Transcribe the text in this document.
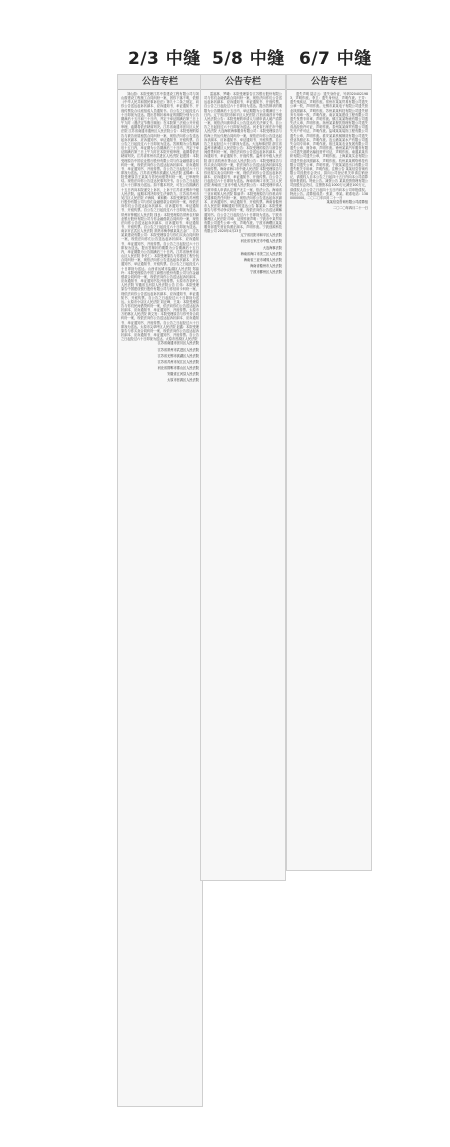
2/3 中缝 5/8 中缝 6/7 中缝
公告专栏
刘山蔚：本院受理江苏中泰建设工程有限公司与刘山蔚建设工程施工合同纠纷一案，因你下落不明，依照《中华人民共和国民事诉讼法》第九十二条之规定，向你公告送达起诉状副本、应诉通知书、举证通知书、开庭传票及合议庭组成人员通知书。自公告之日起经过六十日即视为送达。提出答辩状和举证的期限分别为公告期满后十五日和三十日内，并定于举证期满后第三日上午九时（遇法定节假日顺延）在本院第三法庭公开开庭审理，逾期将依法缺席判决。江苏省南通市崇川区人民法院 江苏省南通市通州区人民法院公告：本院受理的原告与被告房屋租赁合同纠纷一案，现依法向你公告送达起诉状副本、应诉通知书、举证通知书、开庭传票。自公告之日起经过六十日即视为送达。答辩期为公告期满后十五日内，举证期为公告期满后三十日内，并定于举证期满后第三日上午九时在本院开庭审理，逾期将依法缺席判决。江苏省常州市武进区人民法院 赵建国：本院受理原告中国农业银行股份有限公司与你金融借款合同纠纷一案，现依法向你公告送达起诉状副本、应诉通知书、举证通知书、开庭传票。自公告之日起经过六十日即视为送达。江苏省无锡市滨湖区人民法院 孟锦峰：本院受理原告王某某与你民间借贷纠纷一案，已审理终结。现依法向你公告送达民事判决书。自公告之日起经过六十日即视为送达。如不服本判决，可在公告期满后十五日内向本院递交上诉状，上诉于江苏省无锡市中级人民法院。逾期本判决即发生法律效力。江苏省苏州市吴江区人民法院 卢海林、黄和勤：本院受理原告苏州银行股份有限公司与你们金融借款合同纠纷一案，现依法向你们公告送达起诉状副本、应诉通知书、举证通知书、开庭传票。自公告之日起经过六十日即视为送达。常州市钟楼区人民法院 钱良：本院受理原告常州农村商业银行股份有限公司与你金融借款合同纠纷一案，现依法向你公告送达起诉状副本、应诉通知书、举证通知书、开庭传票。自公告之日起经过六十日即视为送达。南京市玄武区人民法院 常熟市梅李镇某某五金厂、江苏某某建设有限公司：本院受理原告与你们买卖合同纠纷一案，现依法向你们公告送达起诉状副本、应诉通知书、举证通知书、开庭传票。自公告之日起经过六十日即视为送达。提出答辩状的期限为公告期满后十五日内，举证期限为公告期满后三十日内。江苏省徐州市泉山区人民法院 李长仁：本院受理原告与你建设工程分包合同纠纷一案，现依法向你公告送达起诉状副本、应诉通知书、举证通知书、开庭传票。自公告之日起经过六十日即视为送达。山西省运城市盐湖区人民法院 郑晶玲：本院受理原告中国工商银行股份有限公司与你金融借款合同纠纷一案，现依法向你公告送达起诉状副本、应诉通知书、举证通知书及开庭传票。太原市杏花岭区人民法院 安徽省五河县人民法院公告 江伟：本院受理原告中国建设银行股份有限公司与你信用卡纠纷一案，现依法向你公告送达起诉状副本、应诉通知书、举证通知书、开庭传票。自公告之日起经过六十日即视为送达。太原市小店区人民法院 刘正峰、王某：本院受理原告与你们民间借贷纠纷一案，依法向你们公告送达起诉状副本、应诉通知书、举证通知书、开庭传票。太原市万柏林区人民法院 黄文发：本院受理原告与你劳务合同纠纷一案，现依法向你公告送达起诉状副本、应诉通知书、举证通知书、开庭传票。自公告之日起经过六十日即视为送达。太原市尖草坪区人民法院 赵鑫：本院受理原告与你买卖合同纠纷一案，现依法向你公告送达起诉状副本、应诉通知书、举证通知书、开庭传票。自公告之日起经过六十日即视为送达。太原市晋源区人民法院
江苏省南通市崇川区人民法院
江苏省常州市武进区人民法院
江苏省无锡市滨湖区人民法院
江苏省苏州市吴江区人民法院
河北省邯郸市邯山区人民法院
安徽省五河县人民法院
太原市晋源区人民法院
公告专栏
雷福林、罗曦：本院受理原告江苏银行股份有限公司与你们金融借款合同纠纷一案，现依法向你们公告送达起诉状副本、应诉通知书、举证通知书、开庭传票。自公告之日起经过六十日即视为送达。提出答辩状的期限为公告期满后十五日内，举证期限为公告期满后三十日内。辽宁省沈阳市和平区人民法院 江西省南昌市中级人民法院公告：本院受理的申请人与被申请人破产清算一案，现依法向被申请人公告送达有关法律文书。自公告之日起经过六十日即视为送达。河北省石家庄市中级人民法院 大连海联海事服务有限公司：本院受理原告与你海上货运代理合同纠纷一案，现依法向你公告送达起诉状副本、应诉通知书、举证通知书、开庭传票。自公告之日起经过六十日即视为送达。大连海事法院 浙江省温州市鹿城区人民法院公告：本院受理的原告与被告民间借贷纠纷一案，现依法向你公告送达起诉状副本、应诉通知书、举证通知书、开庭传票。温州市中级人民法院 浙江省杭州市萧山区人民法院公告：本院受理原告与你买卖合同纠纷一案，依法向你公告送达起诉状副本及开庭传票。海南省海口市中级人民法院 本院受理原告与你房屋买卖合同纠纷一案，现依法向你公告送达起诉状副本、应诉通知书、举证通知书、开庭传票。自公告之日起经过六十日即视为送达。海南省海口市美兰区人民法院 海南省三亚市中级人民法院公告：本院受理申请人与被申请人申请认定财产无主一案，依法公告。海南省三亚市城郊人民法院 陈丽华：本院受理原告与你机动车交通事故责任纠纷一案，现依法向你公告送达起诉状副本、应诉通知书、举证通知书、开庭传票。海南省儋州市人民法院 调解通知书的送达公告 陈某某：本院受理原告与你劳动争议纠纷一案，现依法向你公告送达调解通知书。自公告之日起经过六十日即视为送达。宁波市鄞州区人民法院 印章、证照作废声明：宁波市中某贸易有限公司遗失公章一枚，声明作废。宁波市海曙区某某服务部遗失营业执照正副本，声明作废。宁波创源科技有限公司 2020年4月23日
辽宁省沈阳市和平区人民法院
河北省石家庄市中级人民法院
大连海事法院
海南省海口市美兰区人民法院
海南省三亚市城郊人民法院
海南省儋州市人民法院
宁波市鄞州区人民法院
公告专栏
遗失声明 陆吉云：遗失身份证，号码3204021983，声明作废。李卫：遗失身份证，声明作废。王芳：遗失残疾证，声明作废。常州市某某贸易有限公司遗失公章一枚，声明作废。无锡市某某电子有限公司遗失营业执照副本，声明作废。苏州某某科技有限公司遗失财务专用章一枚，声明作废。南京某某建设工程有限公司遗失发票专用章，声明作废。镇江某某物流有限公司遗失法人章，声明作废。扬州某某餐饮管理有限公司遗失食品经营许可证，声明作废。泰州某某商贸有限公司遗失开户许可证，声明作废。盐城某某装饰工程有限公司遗失公章，声明作废。淮安某某机械制造有限公司遗失营业执照正本，声明作废。连云港某某水产有限公司遗失合同专用章，声明作废。宿迁某某农业发展有限公司遗失公章、财务章，声明作废。徐州某某汽车服务有限公司遗失道路运输经营许可证，声明作废。南通某某纺织有限公司遗失公章，声明作废。上海某某实业有限公司遗失营业执照副本，声明作废。杭州某某网络科技有限公司遗失公章，声明作废。宁波某某进出口有限公司遗失报关专用章，声明作废。注销公告 某某信息咨询有限公司经股东会决议，拟向公司登记机关申请注销登记，请债权人自本公告之日起四十五日内向本公司清算组申报债权。特此公告。减资公告 某某投资管理有限公司经股东会决议，注册资本由1000万元减至100万元，请债权人自公告之日起四十五日内向本公司申报债权。特此公告。清算组成员：张某、李某。联系电话：1380000000。二〇二〇年四月二十一日
某某信息咨询有限公司清算组
二〇二〇年四月二十一日
